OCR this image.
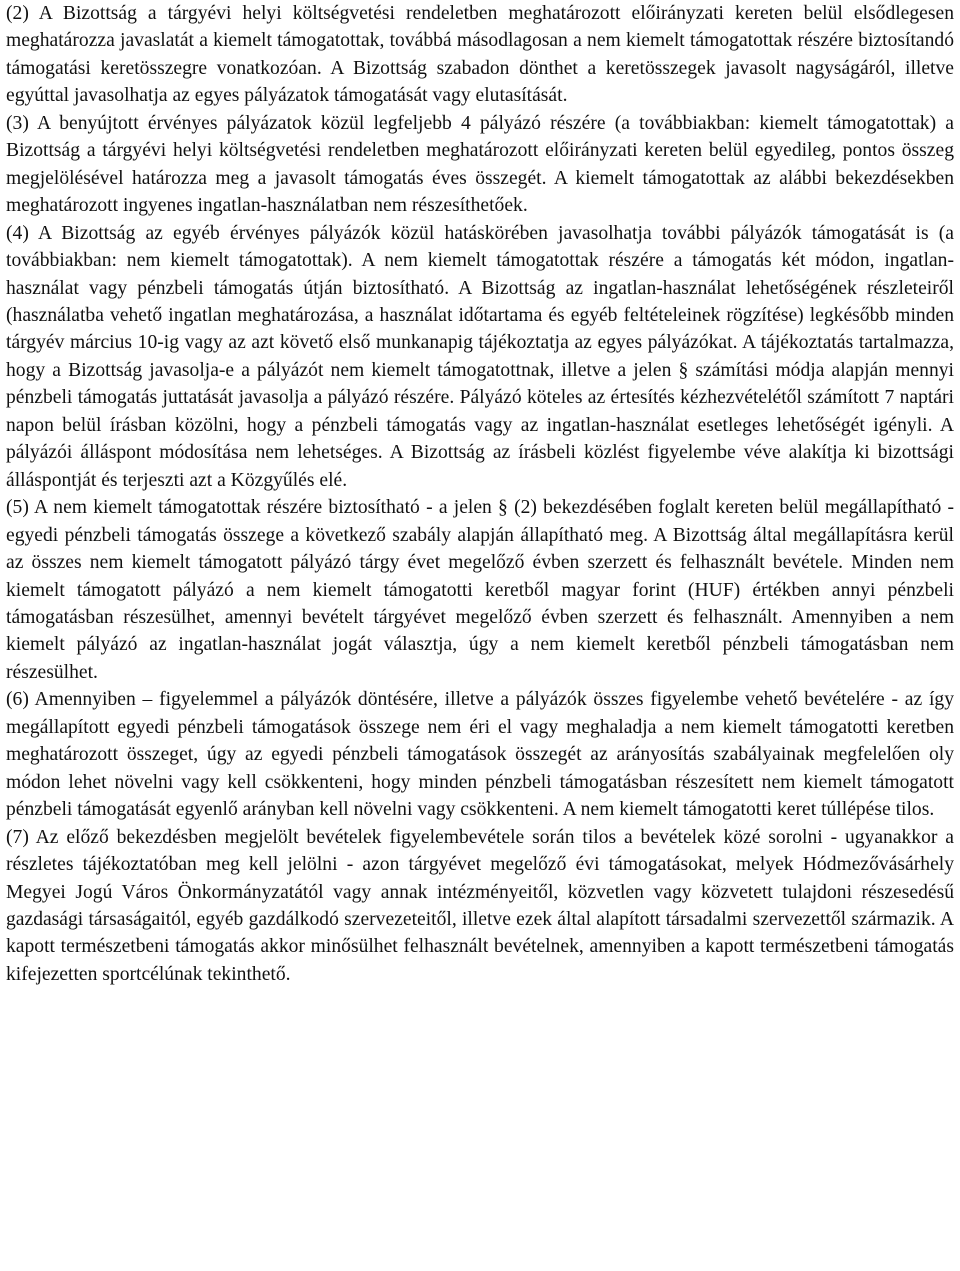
(2) A Bizottság a tárgyévi helyi költségvetési rendeletben meghatározott előirányzati kereten belül elsődlegesen meghatározza javaslatát a kiemelt támogatottak, továbbá másodlagosan a nem kiemelt támogatottak részére biztosítandó támogatási keretösszegre vonatkozóan. A Bizottság szabadon dönthet a keretösszegek javasolt nagyságáról, illetve egyúttal javasolhatja az egyes pályázatok támogatását vagy elutasítását.

(3) A benyújtott érvényes pályázatok közül legfeljebb 4 pályázó részére (a továbbiakban: kiemelt támogatottak) a Bizottság a tárgyévi helyi költségvetési rendeletben meghatározott előirányzati kereten belül egyedileg, pontos összeg megjelölésével határozza meg a javasolt támogatás éves összegét. A kiemelt támogatottak az alábbi bekezdésekben meghatározott ingyenes ingatlan-használatban nem részesíthetőek.

(4) A Bizottság az egyéb érvényes pályázók közül hatáskörében javasolhatja további pályázók támogatását is (a továbbiakban: nem kiemelt támogatottak). A nem kiemelt támogatottak részére a támogatás két módon, ingatlan-használat vagy pénzbeli támogatás útján biztosítható. A Bizottság az ingatlan-használat lehetőségének részleteiről (használatba vehető ingatlan meghatározása, a használat időtartama és egyéb feltételeinek rögzítése) legkésőbb minden tárgyév március 10-ig vagy az azt követő első munkanapig tájékoztatja az egyes pályázókat. A tájékoztatás tartalmazza, hogy a Bizottság javasolja-e a pályázót nem kiemelt támogatottnak, illetve a jelen § számítási módja alapján mennyi pénzbeli támogatás juttatását javasolja a pályázó részére. Pályázó köteles az értesítés kézhezvételétől számított 7 naptári napon belül írásban közölni, hogy a pénzbeli támogatás vagy az ingatlan-használat esetleges lehetőségét igényli. A pályázói álláspont módosítása nem lehetséges. A Bizottság az írásbeli közlést figyelembe véve alakítja ki bizottsági álláspontját és terjeszti azt a Közgyűlés elé.

(5) A nem kiemelt támogatottak részére biztosítható - a jelen § (2) bekezdésében foglalt kereten belül megállapítható - egyedi pénzbeli támogatás összege a következő szabály alapján állapítható meg. A Bizottság által megállapításra kerül az összes nem kiemelt támogatott pályázó tárgy évet megelőző évben szerzett és felhasznált bevétele. Minden nem kiemelt támogatott pályázó a nem kiemelt támogatotti keretből magyar forint (HUF) értékben annyi pénzbeli támogatásban részesülhet, amennyi bevételt tárgyévet megelőző évben szerzett és felhasznált. Amennyiben a nem kiemelt pályázó az ingatlan-használat jogát választja, úgy a nem kiemelt keretből pénzbeli támogatásban nem részesülhet.

(6) Amennyiben – figyelemmel a pályázók döntésére, illetve a pályázók összes figyelembe vehető bevételére - az így megállapított egyedi pénzbeli támogatások összege nem éri el vagy meghaladja a nem kiemelt támogatotti keretben meghatározott összeget, úgy az egyedi pénzbeli támogatások összegét az arányosítás szabályainak megfelelően oly módon lehet növelni vagy kell csökkenteni, hogy minden pénzbeli támogatásban részesített nem kiemelt támogatott pénzbeli támogatását egyenlő arányban kell növelni vagy csökkenteni. A nem kiemelt támogatotti keret túllépése tilos.

(7) Az előző bekezdésben megjelölt bevételek figyelembevétele során tilos a bevételek közé sorolni - ugyanakkor a részletes tájékoztatóban meg kell jelölni - azon tárgyévet megelőző évi támogatásokat, melyek Hódmezővásárhely Megyei Jogú Város Önkormányzatától vagy annak intézményeitől, közvetlen vagy közvetett tulajdoni részesedésű gazdasági társaságaitól, egyéb gazdálkodó szervezeteitől, illetve ezek által alapított társadalmi szervezettől származik. A kapott természetbeni támogatás akkor minősülhet felhasznált bevételnek, amennyiben a kapott természetbeni támogatás kifejezetten sportcélúnak tekinthető.
